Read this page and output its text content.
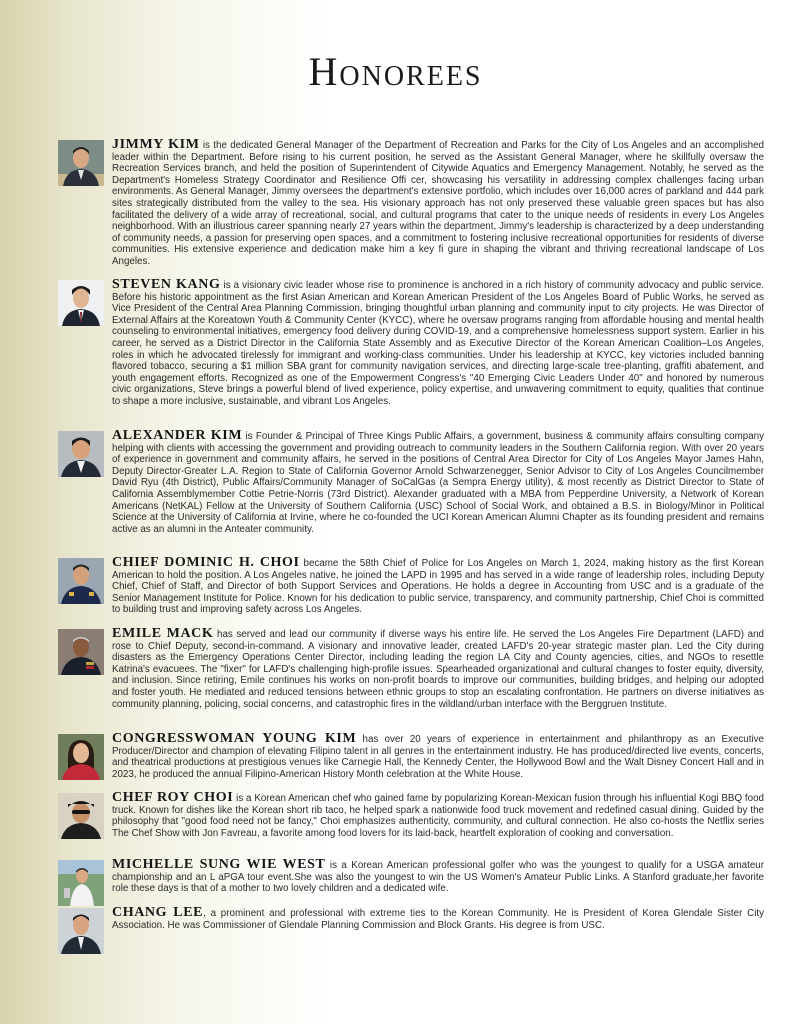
Honorees
JIMMY KIM is the dedicated General Manager of the Department of Recreation and Parks for the City of Los Angeles and an accomplished leader within the Department. Before rising to his current position, he served as the Assistant General Manager, where he skillfully oversaw the Recreation Services branch, and held the position of Superintendent of Citywide Aquatics and Emergency Management. Notably, he served as the Department's Homeless Strategy Coordinator and Resilience Offi cer, showcasing his versatility in addressing complex challenges facing urban environments. As General Manager, Jimmy oversees the department's extensive portfolio, which includes over 16,000 acres of parkland and 444 park sites strategically distributed from the valley to the sea. His visionary approach has not only preserved these valuable green spaces but has also facilitated the delivery of a wide array of recreational, social, and cultural programs that cater to the unique needs of residents in every Los Angeles neighborhood. With an illustrious career spanning nearly 27 years within the department, Jimmy's leadership is characterized by a deep understanding of community needs, a passion for preserving open spaces, and a commitment to fostering inclusive recreational opportunities for residents of diverse communities. His extensive experience and dedication make him a key fi gure in shaping the vibrant and thriving recreational landscape of Los Angeles.
STEVEN KANG is a visionary civic leader whose rise to prominence is anchored in a rich history of community advocacy and public service. Before his historic appointment as the first Asian American and Korean American President of the Los Angeles Board of Public Works, he served as Vice President of the Central Area Planning Commission, bringing thoughtful urban planning and community input to city projects. He was Director of External Affairs at the Koreatown Youth & Community Center (KYCC), where he oversaw programs ranging from affordable housing and mental health counseling to environmental initiatives, emergency food delivery during COVID-19, and a comprehensive homelessness support system. Earlier in his career, he served as a District Director in the California State Assembly and as Executive Director of the Korean American Coalition–Los Angeles, roles in which he advocated tirelessly for immigrant and working-class communities. Under his leadership at KYCC, key victories included banning flavored tobacco, securing a $1 million SBA grant for community navigation services, and directing large-scale tree-planting, graffiti abatement, and youth engagement efforts. Recognized as one of the Empowerment Congress's "40 Emerging Civic Leaders Under 40" and honored by numerous civic organizations, Steve brings a powerful blend of lived experience, policy expertise, and unwavering commitment to equity, qualities that continue to shape a more inclusive, sustainable, and vibrant Los Angeles.
ALEXANDER KIM is Founder & Principal of Three Kings Public Affairs, a government, business & community affairs consulting company helping with clients with accessing the government and providing outreach to community leaders in the Southern California region. With over 20 years of experience in government and community affairs, he served in the positions of Central Area Director for City of Los Angeles Mayor James Hahn, Deputy Director-Greater L.A. Region to State of California Governor Arnold Schwarzenegger, Senior Advisor to City of Los Angeles Councilmember David Ryu (4th District), Public Affairs/Community Manager of SoCalGas (a Sempra Energy utility), & most recently as District Director to State of California Assemblymember Cottie Petrie-Norris (73rd District). Alexander graduated with a MBA from Pepperdine University, a Network of Korean Americans (NetKAL) Fellow at the University of Southern California (USC) School of Social Work, and obtained a B.S. in Biology/Minor in Political Science at the University of California at Irvine, where he co-founded the UCI Korean American Alumni Chapter as its founding president and remains active as an alumni in the Anteater community.
CHIEF DOMINIC H. CHOI became the 58th Chief of Police for Los Angeles on March 1, 2024, making history as the first Korean American to hold the position. A Los Angeles native, he joined the LAPD in 1995 and has served in a wide range of leadership roles, including Deputy Chief, Chief of Staff, and Director of both Support Services and Operations. He holds a degree in Accounting from USC and is a graduate of the Senior Management Institute for Police. Known for his dedication to public service, transparency, and community partnership, Chief Choi is committed to building trust and improving safety across Los Angeles.
EMILE MACK has served and lead our community if diverse ways his entire life. He served the Los Angeles Fire Department (LAFD) and rose to Chief Deputy, second-in-command. A visionary and innovative leader, created LAFD's 20-year strategic master plan. Led the City during disasters as the Emergency Operations Center Director, including leading the region LA City and County agencies, cities, and NGOs to resettle Katrina's evacuees. The "fixer" for LAFD's challenging high-profile issues. Spearheaded organizational and cultural changes to foster equity, diversity, and inclusion. Since retiring, Emile continues his works on non-profit boards to improve our communities, building bridges, and helping our adopted and foster youth. He mediated and reduced tensions between ethnic groups to stop an escalating confrontation. He partners on diverse initiatives as community planning, policing, social concerns, and catastrophic fires in the wildland/urban interface with the Berggruen Institute.
CONGRESSWOMAN YOUNG KIM has over 20 years of experience in entertainment and philanthropy as an Executive Producer/Director and champion of elevating Filipino talent in all genres in the entertainment industry. He has produced/directed live events, concerts, and theatrical productions at prestigious venues like Carnegie Hall, the Kennedy Center, the Hollywood Bowl and the Walt Disney Concert Hall and in 2023, he produced the annual Filipino-American History Month celebration at the White House.
CHEF ROY CHOI is a Korean American chef who gained fame by popularizing Korean-Mexican fusion through his influential Kogi BBQ food truck. Known for dishes like the Korean short rib taco, he helped spark a nationwide food truck movement and redefined casual dining. Guided by the philosophy that "good food need not be fancy," Choi emphasizes authenticity, community, and cultural connection. He also co-hosts the Netflix series The Chef Show with Jon Favreau, a favorite among food lovers for its laid-back, heartfelt exploration of cooking and conversation.
MICHELLE SUNG WIE WEST is a Korean American professional golfer who was the youngest to qualify for a USGA amateur championship and an L aPGA tour event.She was also the youngest to win the US Women's Amateur Public Links. A Stanford graduate,her favorite role these days is that of a mother to two lovely children and a dedicated wife.
CHANG LEE, a prominent and professional with extreme ties to the Korean Community. He is President of Korea Glendale Sister City Association. He was Commissioner of Glendale Planning Commission and Block Grants. His degree is from USC.
